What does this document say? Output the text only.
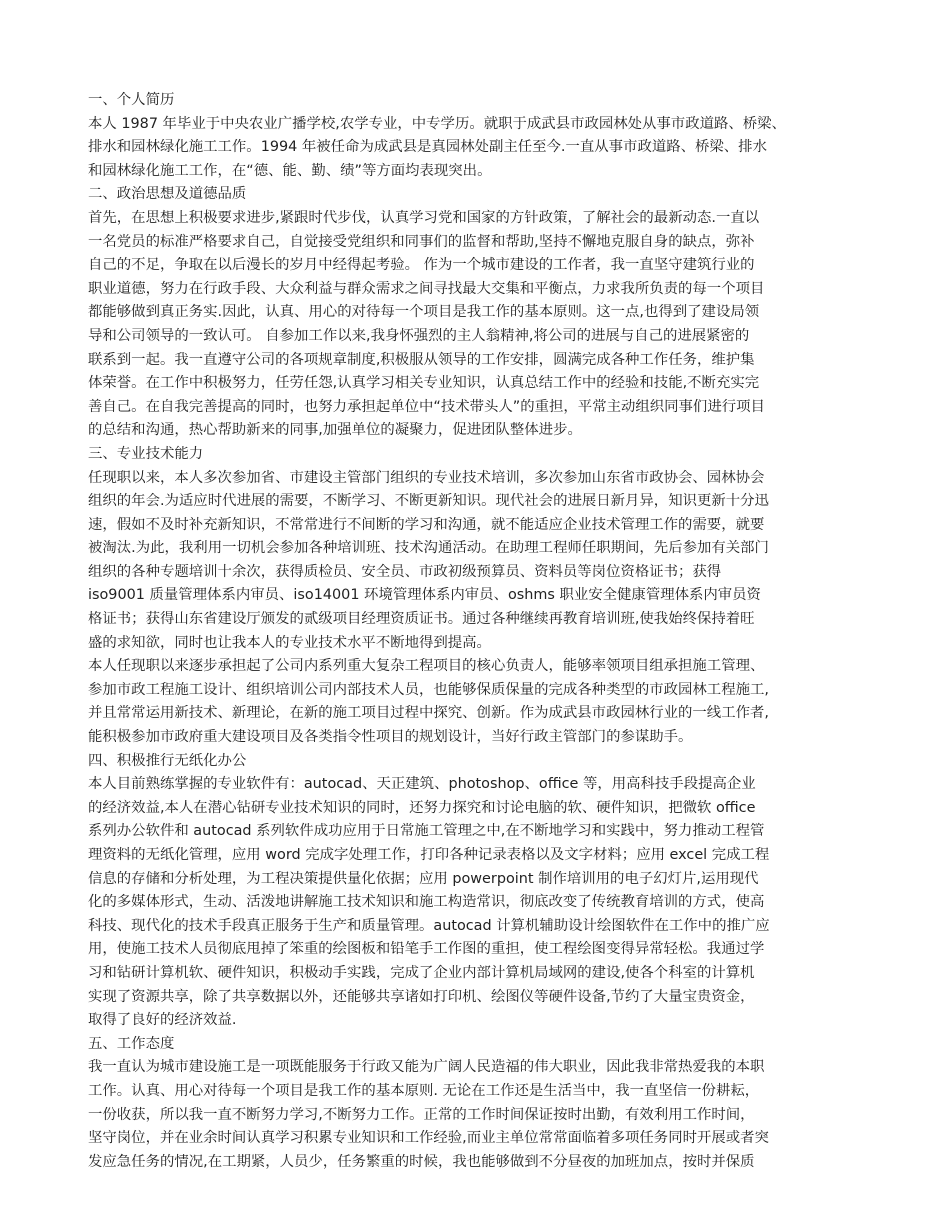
一、个人简历
本人 1987 年毕业于中央农业广播学校,农学专业，中专学历。就职于成武县市政园林处从事市政道路、桥梁、
排水和园林绿化施工工作。1994 年被任命为成武县是真园林处副主任至今.一直从事市政道路、桥梁、排水
和园林绿化施工工作，在“德、能、勤、绩”等方面均表现突出。
二、政治思想及道德品质
首先，在思想上积极要求进步,紧跟时代步伐，认真学习党和国家的方针政策，了解社会的最新动态.一直以
一名党员的标准严格要求自己，自觉接受党组织和同事们的监督和帮助,坚持不懈地克服自身的缺点，弥补
自己的不足，争取在以后漫长的岁月中经得起考验。 作为一个城市建设的工作者，我一直坚守建筑行业的
职业道德，努力在行政手段、大众利益与群众需求之间寻找最大交集和平衡点，力求我所负责的每一个项目
都能够做到真正务实.因此，认真、用心的对待每一个项目是我工作的基本原则。这一点,也得到了建设局领
导和公司领导的一致认可。 自参加工作以来,我身怀强烈的主人翁精神,将公司的进展与自己的进展紧密的
联系到一起。我一直遵守公司的各项规章制度,积极服从领导的工作安排，圆满完成各种工作任务，维护集
体荣誉。在工作中积极努力，任劳任怨,认真学习相关专业知识，认真总结工作中的经验和技能,不断充实完
善自己。在自我完善提高的同时，也努力承担起单位中“技术带头人”的重担，平常主动组织同事们进行项目
的总结和沟通，热心帮助新来的同事,加强单位的凝聚力，促进团队整体进步。
三、专业技术能力
任现职以来，本人多次参加省、市建设主管部门组织的专业技术培训，多次参加山东省市政协会、园林协会
组织的年会.为适应时代进展的需要，不断学习、不断更新知识。现代社会的进展日新月异，知识更新十分迅
速，假如不及时补充新知识，不常常进行不间断的学习和沟通，就不能适应企业技术管理工作的需要，就要
被淘汰.为此，我利用一切机会参加各种培训班、技术沟通活动。在助理工程师任职期间，先后参加有关部门
组织的各种专题培训十余次，获得质检员、安全员、市政初级预算员、资料员等岗位资格证书；获得
iso9001 质量管理体系内审员、iso14001 环境管理体系内审员、oshms 职业安全健康管理体系内审员资
格证书；获得山东省建设厅颁发的贰级项目经理资质证书。通过各种继续再教育培训班,使我始终保持着旺
盛的求知欲，同时也让我本人的专业技术水平不断地得到提高。
本人任现职以来逐步承担起了公司内系列重大复杂工程项目的核心负责人，能够率领项目组承担施工管理、
参加市政工程施工设计、组织培训公司内部技术人员，也能够保质保量的完成各种类型的市政园林工程施工,
并且常常运用新技术、新理论，在新的施工项目过程中探究、创新。作为成武县市政园林行业的一线工作者,
能积极参加市政府重大建设项目及各类指令性项目的规划设计，当好行政主管部门的参谋助手。
四、积极推行无纸化办公
本人目前熟练掌握的专业软件有：autocad、天正建筑、photoshop、office 等，用高科技手段提高企业
的经济效益,本人在潜心钻研专业技术知识的同时，还努力探究和讨论电脑的软、硬件知识，把微软 office
系列办公软件和 autocad 系列软件成功应用于日常施工管理之中,在不断地学习和实践中，努力推动工程管
理资料的无纸化管理，应用 word 完成字处理工作，打印各种记录表格以及文字材料；应用 excel 完成工程
信息的存储和分析处理，为工程决策提供量化依据；应用 powerpoint 制作培训用的电子幻灯片,运用现代
化的多媒体形式，生动、活泼地讲解施工技术知识和施工构造常识，彻底改变了传统教育培训的方式，使高
科技、现代化的技术手段真正服务于生产和质量管理。autocad 计算机辅助设计绘图软件在工作中的推广应
用，使施工技术人员彻底甩掉了笨重的绘图板和铅笔手工作图的重担，使工程绘图变得异常轻松。我通过学
习和钻研计算机软、硬件知识，积极动手实践，完成了企业内部计算机局域网的建设,使各个科室的计算机
实现了资源共享，除了共享数据以外，还能够共享诸如打印机、绘图仪等硬件设备,节约了大量宝贵资金，
取得了良好的经济效益.
五、工作态度
我一直认为城市建设施工是一项既能服务于行政又能为广阔人民造福的伟大职业，因此我非常热爱我的本职
工作。认真、用心对待每一个项目是我工作的基本原则. 无论在工作还是生活当中，我一直坚信一份耕耘，
一份收获，所以我一直不断努力学习,不断努力工作。正常的工作时间保证按时出勤，有效利用工作时间，
坚守岗位，并在业余时间认真学习积累专业知识和工作经验,而业主单位常常面临着多项任务同时开展或者突
发应急任务的情况,在工期紧，人员少，任务繁重的时候，我也能够做到不分昼夜的加班加点，按时并保质
